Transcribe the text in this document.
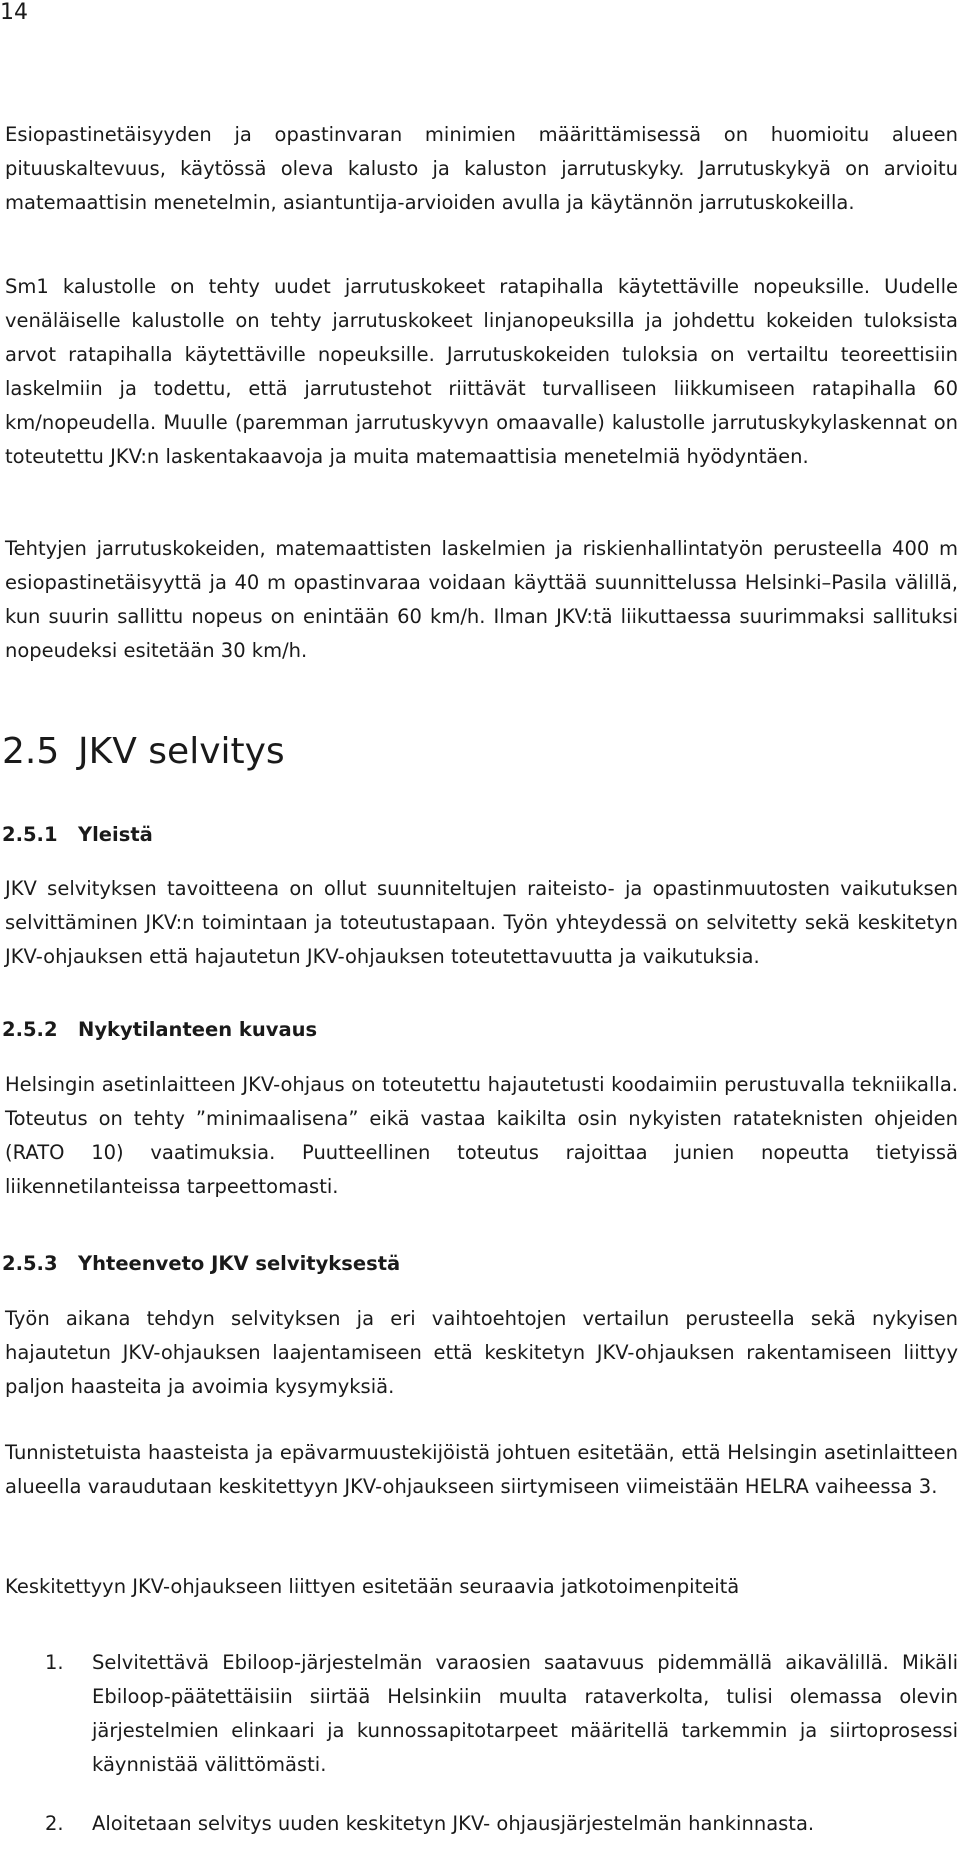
14

Esiopastinetäisyyden ja opastinvaran minimien määrittämisessä on huomioitu alueen pituuskaltevuus, käytössä oleva kalusto ja kaluston jarrutuskyky. Jarrutuskykyä on arvioitu matemaattisin menetelmin, asiantuntija-arvioiden avulla ja käytännön jarrutuskokeilla.

Sm1 kalustolle on tehty uudet jarrutuskokeet ratapihalla käytettäville nopeuksille. Uudelle venäläiselle kalustolle on tehty jarrutuskokeet linjanopeuksilla ja johdettu kokeiden tuloksista arvot ratapihalla käytettäville nopeuksille. Jarrutuskokeiden tuloksia on vertailtu teoreettisiin laskelmiin ja todettu, että jarrutustehot riittävät turvalliseen liikkumiseen ratapihalla 60 km/nopeudella. Muulle (paremman jarrutuskyvyn omaavalle) kalustolle jarrutuskykylaskennat on toteutettu JKV:n laskentakaavoja ja muita matemaattisia menetelmiä hyödyntäen.

Tehtyjen jarrutuskokeiden, matemaattisten laskelmien ja riskienhallintatyön perusteella 400 m esiopastinetäisyyttä ja 40 m opastinvaraa voidaan käyttää suunnittelussa Helsinki–Pasila välillä, kun suurin sallittu nopeus on enintään 60 km/h. Ilman JKV:tä liikuttaessa suurimmaksi sallituksi nopeudeksi esitetään 30 km/h.

2.5 JKV selvitys
2.5.1 Yleistä

JKV selvityksen tavoitteena on ollut suunniteltujen raiteisto- ja opastinmuutosten vaikutuksen selvittäminen JKV:n toimintaan ja toteutustapaan. Työn yhteydessä on selvitetty sekä keskitetyn JKV-ohjauksen että hajautetun JKV-ohjauksen toteutettavuutta ja vaikutuksia.

2.5.2 Nykytilanteen kuvaus

Helsingin asetinlaitteen JKV-ohjaus on toteutettu hajautetusti koodaimiin perustuvalla tekniikalla. Toteutus on tehty ”minimaalisena” eikä vastaa kaikilta osin nykyisten ratateknisten ohjeiden (RATO 10) vaatimuksia. Puutteellinen toteutus rajoittaa junien nopeutta tietyissä liikennetilanteissa tarpeettomasti.

2.5.3 Yhteenveto JKV selvityksestä

Työn aikana tehdyn selvityksen ja eri vaihtoehtojen vertailun perusteella sekä nykyisen hajautetun JKV-ohjauksen laajentamiseen että keskitetyn JKV-ohjauksen rakentamiseen liittyy paljon haasteita ja avoimia kysymyksiä.

Tunnistetuista haasteista ja epävarmuustekijöistä johtuen esitetään, että Helsingin asetinlaitteen alueella varaudutaan keskitettyyn JKV-ohjaukseen siirtymiseen viimeistään HELRA vaiheessa 3.

Keskitettyyn JKV-ohjaukseen liittyen esitetään seuraavia jatkotoimenpiteitä

1. Selvitettävä Ebiloop-järjestelmän varaosien saatavuus pidemmällä aikavälillä. Mikäli Ebiloop-päätettäisiin siirtää Helsinkiin muulta rataverkolta, tulisi olemassa olevin järjestelmien elinkaari ja kunnossapitotarpeet määritellä tarkemmin ja siirtoprosessi käynnistää välittömästi.
2. Aloitetaan selvitys uuden keskitetyn JKV- ohjausjärjestelmän hankinnasta.
